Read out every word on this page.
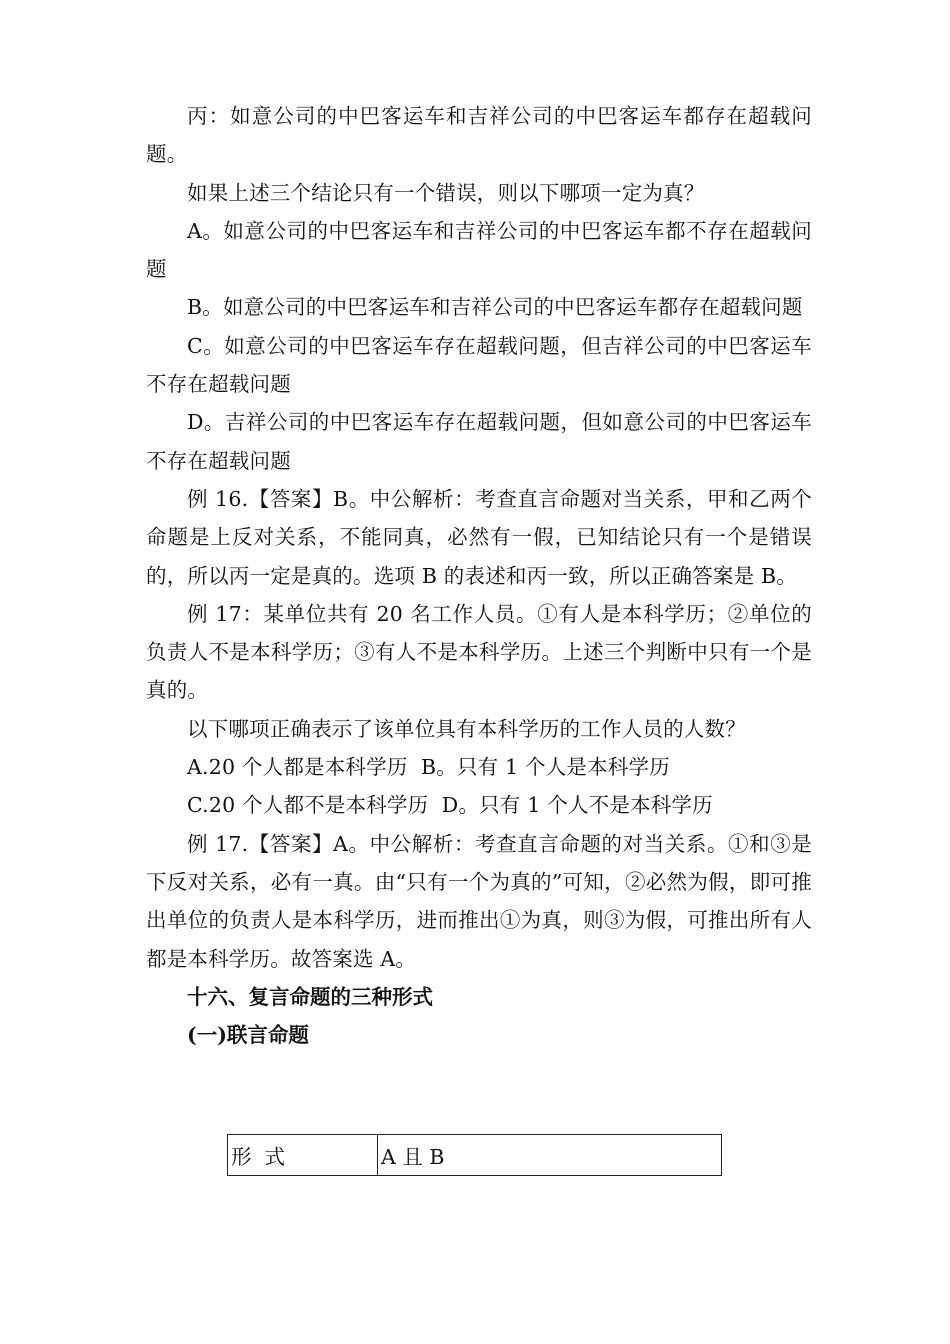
丙：如意公司的中巴客运车和吉祥公司的中巴客运车都存在超载问题。

如果上述三个结论只有一个错误，则以下哪项一定为真？

A。如意公司的中巴客运车和吉祥公司的中巴客运车都不存在超载问题

B。如意公司的中巴客运车和吉祥公司的中巴客运车都存在超载问题

C。如意公司的中巴客运车存在超载问题，但吉祥公司的中巴客运车不存在超载问题

D。吉祥公司的中巴客运车存在超载问题，但如意公司的中巴客运车不存在超载问题

例 16.【答案】B。中公解析：考查直言命题对当关系，甲和乙两个命题是上反对关系，不能同真，必然有一假，已知结论只有一个是错误的，所以丙一定是真的。选项 B 的表述和丙一致，所以正确答案是 B。

例 17：某单位共有 20 名工作人员。①有人是本科学历；②单位的负责人不是本科学历；③有人不是本科学历。上述三个判断中只有一个是真的。

以下哪项正确表示了该单位具有本科学历的工作人员的人数？

A.20 个人都是本科学历  B。只有 1 个人是本科学历

C.20 个人都不是本科学历  D。只有 1 个人不是本科学历

例 17.【答案】A。中公解析：考查直言命题的对当关系。①和③是下反对关系，必有一真。由“只有一个为真的”可知，②必然为假，即可推出单位的负责人是本科学历，进而推出①为真，则③为假，可推出所有人都是本科学历。故答案选 A。

十六、复言命题的三种形式

(一)联言命题

形  式	A 且 B
